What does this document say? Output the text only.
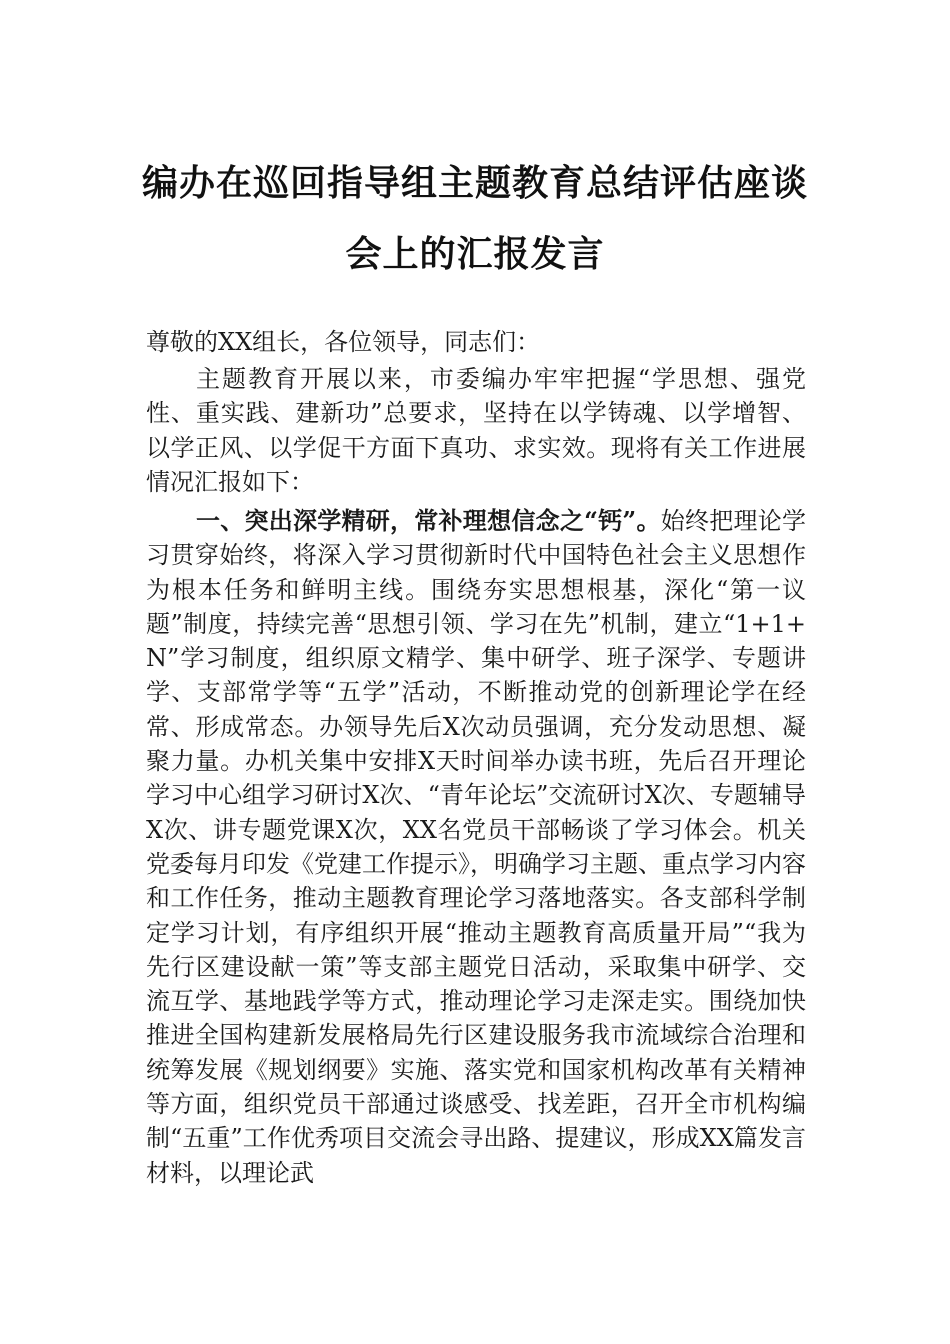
编办在巡回指导组主题教育总结评估座谈
会上的汇报发言

尊敬的XX组长，各位领导，同志们：

主题教育开展以来，市委编办牢牢把握“学思想、强党性、重实践、建新功”总要求，坚持在以学铸魂、以学增智、以学正风、以学促干方面下真功、求实效。现将有关工作进展情况汇报如下：

一、突出深学精研，常补理想信念之“钙”。始终把理论学习贯穿始终，将深入学习贯彻新时代中国特色社会主义思想作为根本任务和鲜明主线。围绕夯实思想根基，深化“第一议题”制度，持续完善“思想引领、学习在先”机制，建立“1+1+N”学习制度，组织原文精学、集中研学、班子深学、专题讲学、支部常学等“五学”活动，不断推动党的创新理论学在经常、形成常态。办领导先后X次动员强调，充分发动思想、凝聚力量。办机关集中安排X天时间举办读书班，先后召开理论学习中心组学习研讨X次、“青年论坛”交流研讨X次、专题辅导X次、讲专题党课X次，XX名党员干部畅谈了学习体会。机关党委每月印发《党建工作提示》，明确学习主题、重点学习内容和工作任务，推动主题教育理论学习落地落实。各支部科学制定学习计划，有序组织开展“推动主题教育高质量开局”“我为先行区建设献一策”等支部主题党日活动，采取集中研学、交流互学、基地践学等方式，推动理论学习走深走实。围绕加快推进全国构建新发展格局先行区建设服务我市流域综合治理和统筹发展《规划纲要》实施、落实党和国家机构改革有关精神等方面，组织党员干部通过谈感受、找差距，召开全市机构编制“五重”工作优秀项目交流会寻出路、提建议，形成XX篇发言材料，以理论武
